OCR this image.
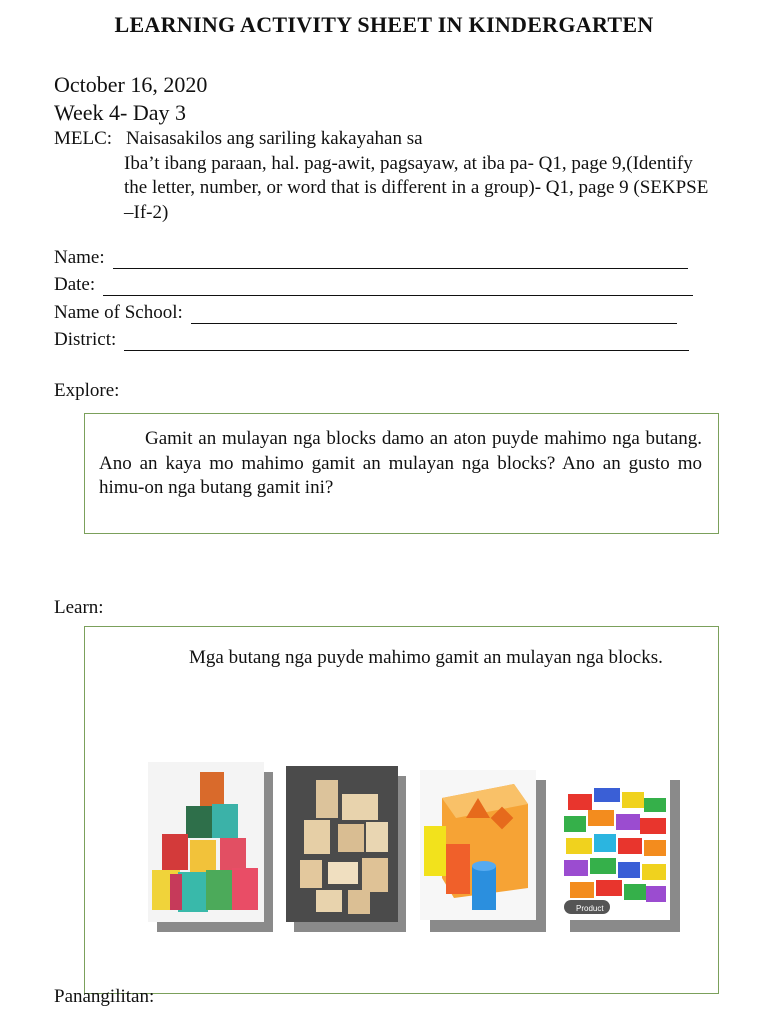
LEARNING ACTIVITY SHEET IN KINDERGARTEN
October 16, 2020
Week 4- Day 3
MELC: Naisasakilos ang sariling kakayahan sa
Iba’t ibang paraan, hal. pag-awit, pagsayaw, at iba pa- Q1, page 9,(Identify the letter, number, or word that is different in a group)- Q1, page 9 (SEKPSE –If-2)
Name:
Date:
Name of School:
District:
Explore:
Gamit an mulayan nga blocks damo an aton puyde mahimo nga butang. Ano an kaya mo mahimo gamit an mulayan nga blocks? Ano an gusto mo himu-on nga butang gamit ini?
Learn:
Mga butang nga puyde mahimo gamit an mulayan nga blocks.
Product
Panangilitan:
